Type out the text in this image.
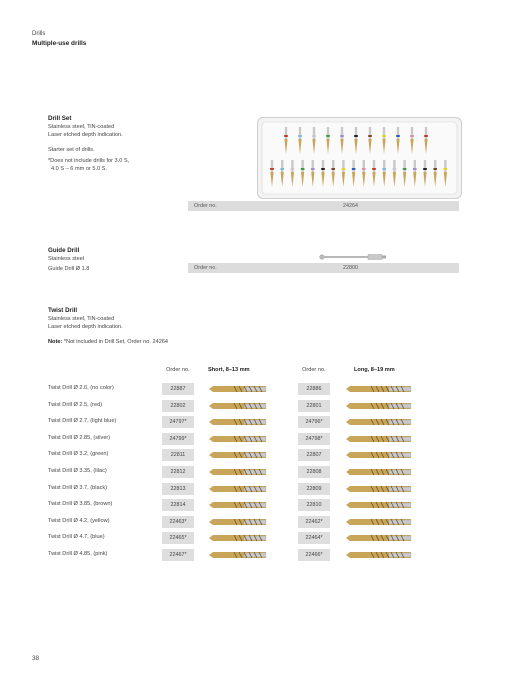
Drills
Multiple-use drills
Drill Set
Stainless steel, TiN-coated
Laser etched depth indication.
Starter set of drills.
*Does not include drills for 3.0 S,
4.0 S – 6 mm or 5.0 S.
Order no.	24264
Guide Drill
Stainless steel
Guide Drill Ø 1.8	Order no.	22800
Twist Drill
Stainless steel, TiN-coated
Laser etched depth indication.
Note: *Not included in Drill Set, Order no. 24264
Order no.	Short, 8–13 mm	Order no.	Long, 8–19 mm
Twist Drill Ø 2.0, (no color)	22887	22886
Twist Drill Ø 2.5, (red)	22802	22801
Twist Drill Ø 2.7, (light blue)	24797*	24796*
Twist Drill Ø 2.85, (silver)	24799*	24798*
Twist Drill Ø 3.2, (green)	22811	22807
Twist Drill Ø 3.35, (lilac)	22812	22808
Twist Drill Ø 3.7, (black)	22813	22809
Twist Drill Ø 3.85, (brown)	22814	22810
Twist Drill Ø 4.2, (yellow)	22463*	22462*
Twist Drill Ø 4.7, (blue)	22465*	22464*
Twist Drill Ø 4.85, (pink)	22467*	22466*
38
